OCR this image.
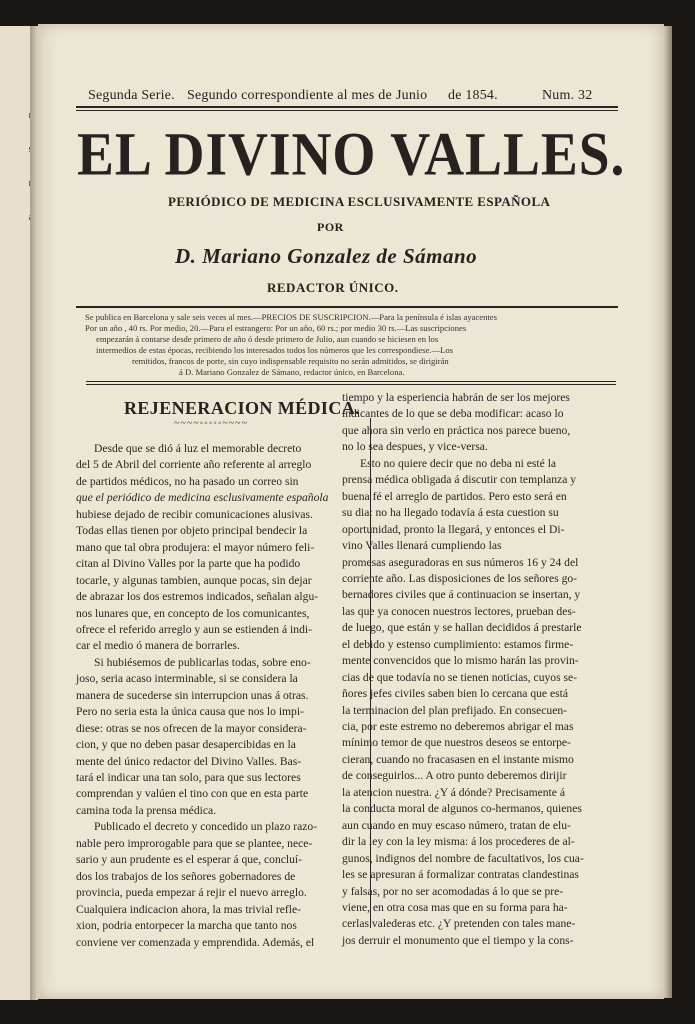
Segunda Serie. Segundo correspondiente al mes de Junio de 1854.	Num. 32
EL DIVINO VALLES.
PERIÓDICO DE MEDICINA ESCLUSIVAMENTE ESPAÑOLA
POR
D. Mariano Gonzalez de Sámano
REDACTOR ÚNICO.
Se publica en Barcelona y sale seis veces al mes.—PRECIOS DE SUSCRIPCION.—Para la península é islas ayacentes
Por un año , 40 rs. Por medio, 20.—Para el estrangero: Por un año, 60 rs.; por medio 30 rs.—Las suscripciones
empezarán á contarse desde primero de año ó desde primero de Julio, aun cuando se hiciesen en los
intermedios de estas épocas, recibiendo los interesados todos los números que les correspondiese.—Los
remitidos, francos de porte, sin cuyo indispensable requisito no serán admitidos, se dirigirán
á D. Mariano Gonzalez de Sámano, redactor único, en Barcelona.
REJENERACION MÉDICA.
~~~~◦◦◦◦◦~~~~
Desde que se dió á luz el memorable decreto
del 5 de Abril del corriente año referente al arreglo
de partidos médicos, no ha pasado un correo sin
que el periódico de medicina esclusivamente española
hubiese dejado de recibir comunicaciones alusivas.
Todas ellas tienen por objeto principal bendecir la
mano que tal obra produjera: el mayor número feli-
citan al Divino Valles por la parte que ha podido
tocarle, y algunas tambien, aunque pocas, sin dejar
de abrazar los dos estremos indicados, señalan algu-
nos lunares que, en concepto de los comunicantes,
ofrece el referido arreglo y aun se estienden á indi-
car el medio ó manera de borrarles.
Si hubiésemos de publicarlas todas, sobre eno-
joso, seria acaso interminable, si se considera la
manera de sucederse sin interrupcion unas á otras.
Pero no seria esta la única causa que nos lo impi-
diese: otras se nos ofrecen de la mayor considera-
cion, y que no deben pasar desapercibidas en la
mente del único redactor del Divino Valles. Bas-
tará el indicar una tan solo, para que sus lectores
comprendan y valúen el tino con que en esta parte
camina toda la prensa médica.
Publicado el decreto y concedido un plazo razo-
nable pero improrogable para que se plantee, nece-
sario y aun prudente es el esperar á que, concluí-
dos los trabajos de los señores gobernadores de
provincia, pueda empezar á rejir el nuevo arreglo.
Cualquiera indicacion ahora, la mas trivial refle-
xion, podria entorpecer la marcha que tanto nos
conviene ver comenzada y emprendida. Además, el
tiempo y la esperiencia habrán de ser los mejores
indicantes de lo que se deba modificar: acaso lo
que ahora sin verlo en práctica nos parece bueno,
no lo sea despues, y vice-versa.
Esto no quiere decir que no deba ni esté la
prensa médica obligada á discutir con templanza y
buena fé el arreglo de partidos. Pero esto será en
su dia: no ha llegado todavía á esta cuestion su
oportunidad, pronto la llegará, y entonces el Di-
vino Valles llenará cumpliendo las
promesas aseguradoras en sus números 16 y 24 del
corriente año. Las disposiciones de los señores go-
bernadores civiles que á continuacion se insertan, y
las que ya conocen nuestros lectores, prueban des-
de luego, que están y se hallan decididos á prestarle
el debido y estenso cumplimiento: estamos firme-
mente convencidos que lo mismo harán las provin-
cias de que todavía no se tienen noticias, cuyos se-
ñores jefes civiles saben bien lo cercana que está
la terminacion del plan prefijado. En consecuen-
cia, por este estremo no deberemos abrigar el mas
mínimo temor de que nuestros deseos se entorpe-
cieran, cuando no fracasasen en el instante mismo
de conseguirlos... A otro punto deberemos dirijir
la atencion nuestra. ¿Y á dónde? Precisamente á
la conducta moral de algunos co-hermanos, quienes
aun cuando en muy escaso número, tratan de elu-
dir la ley con la ley misma: á los procederes de al-
gunos, indignos del nombre de facultativos, los cua-
les se apresuran á formalizar contratas clandestinas
y falsas, por no ser acomodadas á lo que se pre-
viene, en otra cosa mas que en su forma para ha-
cerlas valederas etc. ¿Y pretenden con tales mane-
jos derruir el monumento que el tiempo y la cons-
